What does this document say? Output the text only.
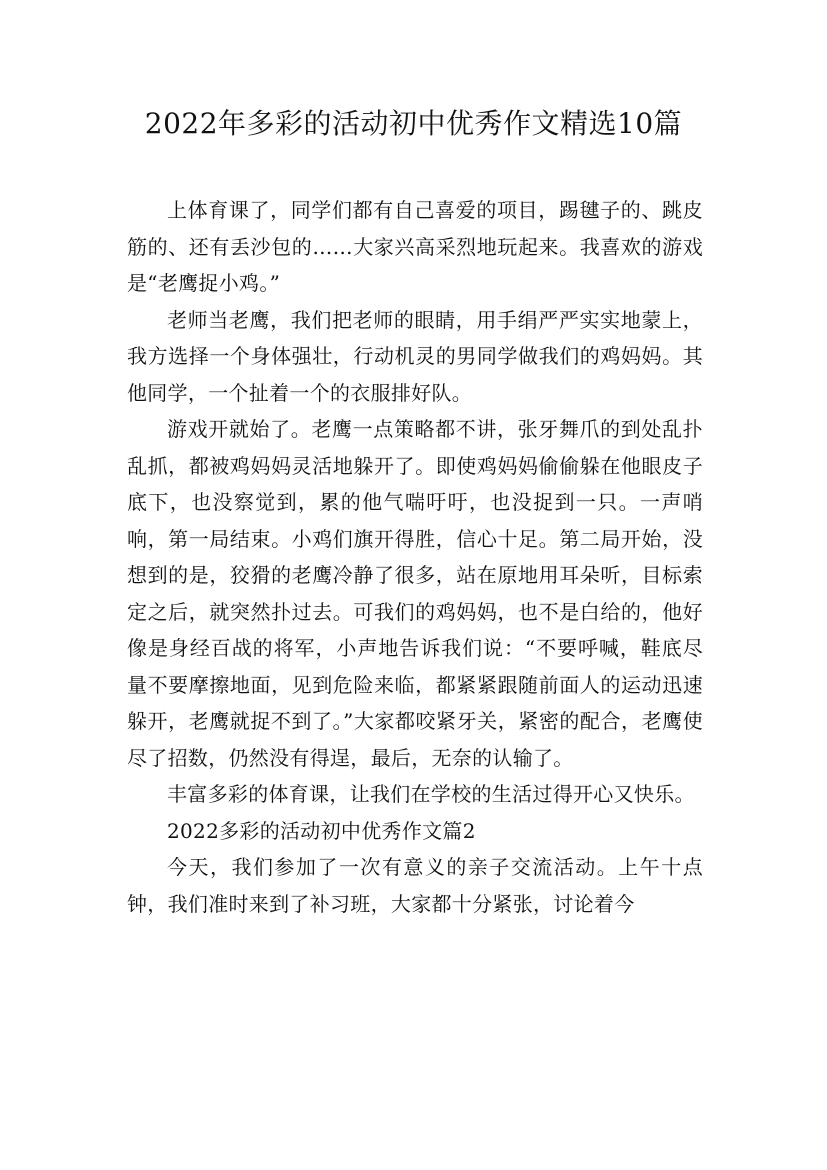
2022年多彩的活动初中优秀作文精选10篇

上体育课了，同学们都有自己喜爱的项目，踢毽子的、跳皮筋的、还有丢沙包的……大家兴高采烈地玩起来。我喜欢的游戏是“老鹰捉小鸡。”

老师当老鹰，我们把老师的眼睛，用手绢严严实实地蒙上，我方选择一个身体强壮，行动机灵的男同学做我们的鸡妈妈。其他同学，一个扯着一个的衣服排好队。

游戏开就始了。老鹰一点策略都不讲，张牙舞爪的到处乱扑乱抓，都被鸡妈妈灵活地躲开了。即使鸡妈妈偷偷躲在他眼皮子底下，也没察觉到，累的他气喘吁吁，也没捉到一只。一声哨响，第一局结束。小鸡们旗开得胜，信心十足。第二局开始，没想到的是，狡猾的老鹰冷静了很多，站在原地用耳朵听，目标索定之后，就突然扑过去。可我们的鸡妈妈，也不是白给的，他好像是身经百战的将军，小声地告诉我们说：“不要呼喊，鞋底尽量不要摩擦地面，见到危险来临，都紧紧跟随前面人的运动迅速躲开，老鹰就捉不到了。”大家都咬紧牙关，紧密的配合，老鹰使尽了招数，仍然没有得逞，最后，无奈的认输了。

丰富多彩的体育课，让我们在学校的生活过得开心又快乐。

2022多彩的活动初中优秀作文篇2

今天，我们参加了一次有意义的亲子交流活动。上午十点钟，我们准时来到了补习班，大家都十分紧张，讨论着今
